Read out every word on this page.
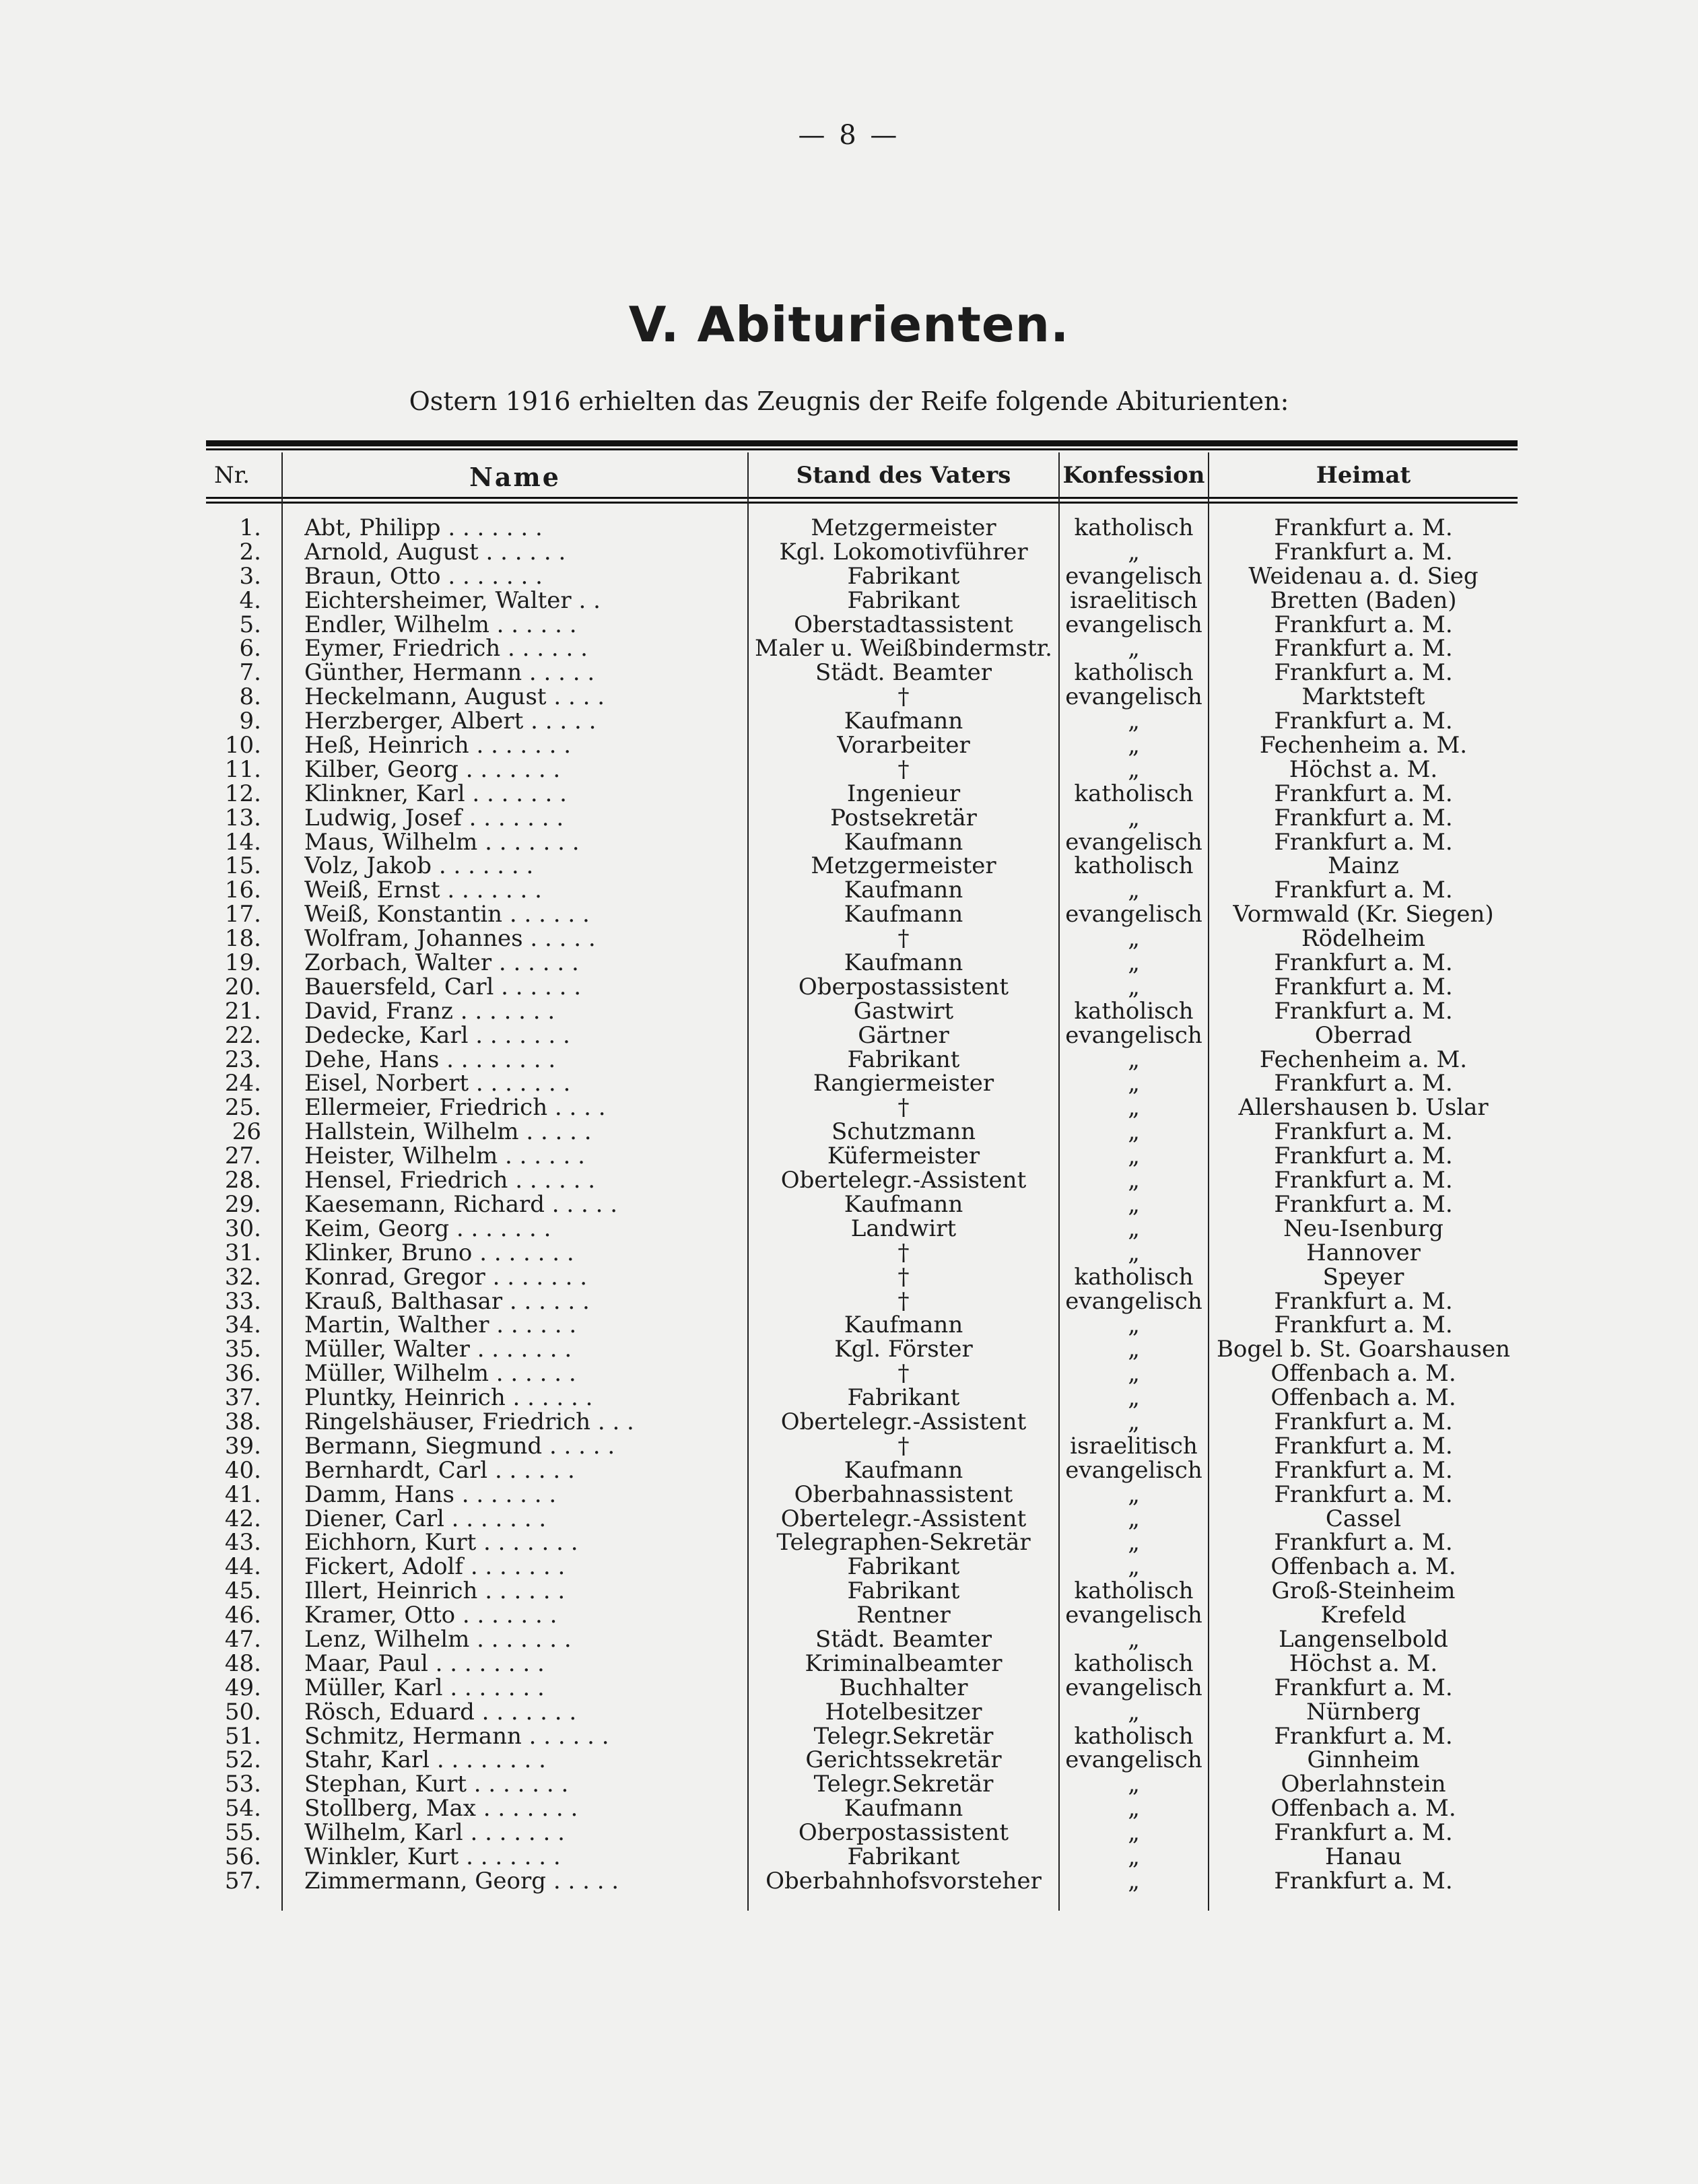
— 8 —
V. Abiturienten.
Ostern 1916 erhielten das Zeugnis der Reife folgende Abiturienten:
Nr.	Name	Stand des Vaters	Konfession	Heimat
1. Abt, Philipp . . . . . . .	Metzgermeister	katholisch	Frankfurt a. M.
2. Arnold, August . . . . . .	Kgl. Lokomotivführer	„	Frankfurt a. M.
3. Braun, Otto . . . . . . .	Fabrikant	evangelisch	Weidenau a. d. Sieg
4. Eichtersheimer, Walter . .	Fabrikant	israelitisch	Bretten (Baden)
5. Endler, Wilhelm . . . . . .	Oberstadtassistent	evangelisch	Frankfurt a. M.
6. Eymer, Friedrich . . . . . .	Maler u. Weißbindermstr.	„	Frankfurt a. M.
7. Günther, Hermann . . . . .	Städt. Beamter	katholisch	Frankfurt a. M.
8. Heckelmann, August . . . .	†	evangelisch	Marktsteft
9. Herzberger, Albert . . . . .	Kaufmann	„	Frankfurt a. M.
10. Heß, Heinrich . . . . . . .	Vorarbeiter	„	Fechenheim a. M.
11. Kilber, Georg . . . . . . .	†	„	Höchst a. M.
12. Klinkner, Karl . . . . . . .	Ingenieur	katholisch	Frankfurt a. M.
13. Ludwig, Josef . . . . . . .	Postsekretär	„	Frankfurt a. M.
14. Maus, Wilhelm . . . . . . .	Kaufmann	evangelisch	Frankfurt a. M.
15. Volz, Jakob . . . . . . .	Metzgermeister	katholisch	Mainz
16. Weiß, Ernst . . . . . . .	Kaufmann	„	Frankfurt a. M.
17. Weiß, Konstantin . . . . . .	Kaufmann	evangelisch	Vormwald (Kr. Siegen)
18. Wolfram, Johannes . . . . .	†	„	Rödelheim
19. Zorbach, Walter . . . . . .	Kaufmann	„	Frankfurt a. M.
20. Bauersfeld, Carl . . . . . .	Oberpostassistent	„	Frankfurt a. M.
21. David, Franz . . . . . . .	Gastwirt	katholisch	Frankfurt a. M.
22. Dedecke, Karl . . . . . . .	Gärtner	evangelisch	Oberrad
23. Dehe, Hans . . . . . . . .	Fabrikant	„	Fechenheim a. M.
24. Eisel, Norbert . . . . . . .	Rangiermeister	„	Frankfurt a. M.
25. Ellermeier, Friedrich . . . .	†	„	Allershausen b. Uslar
26 Hallstein, Wilhelm . . . . .	Schutzmann	„	Frankfurt a. M.
27. Heister, Wilhelm . . . . . .	Küfermeister	„	Frankfurt a. M.
28. Hensel, Friedrich . . . . . .	Obertelegr.-Assistent	„	Frankfurt a. M.
29. Kaesemann, Richard . . . . .	Kaufmann	„	Frankfurt a. M.
30. Keim, Georg . . . . . . .	Landwirt	„	Neu-Isenburg
31. Klinker, Bruno . . . . . . .	†	„	Hannover
32. Konrad, Gregor . . . . . . .	†	katholisch	Speyer
33. Krauß, Balthasar . . . . . .	†	evangelisch	Frankfurt a. M.
34. Martin, Walther . . . . . .	Kaufmann	„	Frankfurt a. M.
35. Müller, Walter . . . . . . .	Kgl. Förster	„	Bogel b. St. Goarshausen
36. Müller, Wilhelm . . . . . .	†	„	Offenbach a. M.
37. Pluntky, Heinrich . . . . . .	Fabrikant	„	Offenbach a. M.
38. Ringelshäuser, Friedrich . . .	Obertelegr.-Assistent	„	Frankfurt a. M.
39. Bermann, Siegmund . . . . .	†	israelitisch	Frankfurt a. M.
40. Bernhardt, Carl . . . . . .	Kaufmann	evangelisch	Frankfurt a. M.
41. Damm, Hans . . . . . . .	Oberbahnassistent	„	Frankfurt a. M.
42. Diener, Carl . . . . . . .	Obertelegr.-Assistent	„	Cassel
43. Eichhorn, Kurt . . . . . . .	Telegraphen-Sekretär	„	Frankfurt a. M.
44. Fickert, Adolf . . . . . . .	Fabrikant	„	Offenbach a. M.
45. Illert, Heinrich . . . . . .	Fabrikant	katholisch	Groß-Steinheim
46. Kramer, Otto . . . . . . .	Rentner	evangelisch	Krefeld
47. Lenz, Wilhelm . . . . . . .	Städt. Beamter	„	Langenselbold
48. Maar, Paul . . . . . . . .	Kriminalbeamter	katholisch	Höchst a. M.
49. Müller, Karl . . . . . . .	Buchhalter	evangelisch	Frankfurt a. M.
50. Rösch, Eduard . . . . . . .	Hotelbesitzer	„	Nürnberg
51. Schmitz, Hermann . . . . . .	Telegr.Sekretär	katholisch	Frankfurt a. M.
52. Stahr, Karl . . . . . . . .	Gerichtssekretär	evangelisch	Ginnheim
53. Stephan, Kurt . . . . . . .	Telegr.Sekretär	„	Oberlahnstein
54. Stollberg, Max . . . . . . .	Kaufmann	„	Offenbach a. M.
55. Wilhelm, Karl . . . . . . .	Oberpostassistent	„	Frankfurt a. M.
56. Winkler, Kurt . . . . . . .	Fabrikant	„	Hanau
57. Zimmermann, Georg . . . . .	Oberbahnhofsvorsteher	„	Frankfurt a. M.
